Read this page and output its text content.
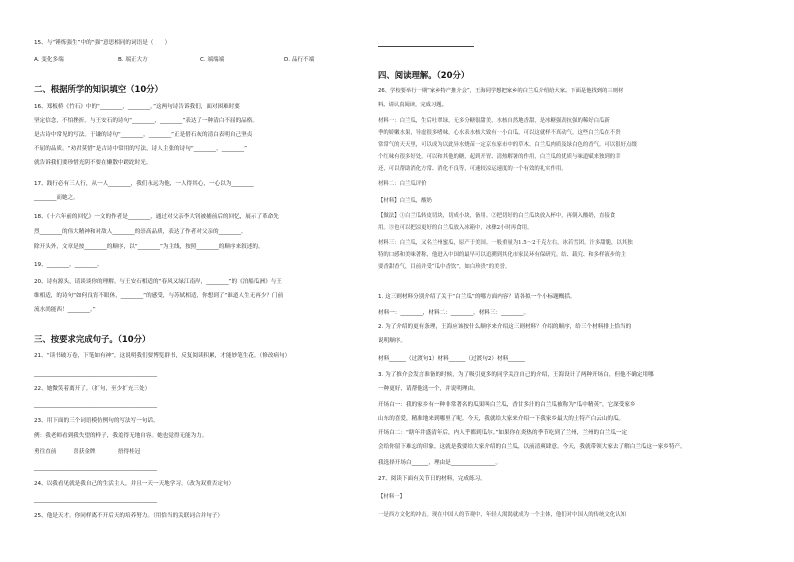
15、与“锤炼强生”中的“强”意思相同的词语是（　　）
A. 变化多端	B. 端正大方	C. 端端端	D. 品行不端
二、根据所学的知识填空（10分）
16、郑板桥《竹石》中的“________，________。”这两句诗告诉我们，面对困难时要
坚定信念，不怕挫折。与王安石的诗句“________，________”表达了一种清白不屈的品格。
是古诗中常见的写法。于谦的诗句“________，________”正是借石灰的清白表明自己坚贞
不屈的品质。“劝君莫惜”是古诗中常用的写法，诗人主张的诗句“________，________”
就告诉我们要珍惜光阴不要在懒散中蹉跎时光。
17、践行必有三人行，从一人________，我们永远为他，一人得其心，一心以为________
________而她之。
18、《十六年前的回忆》一文的作者是________，通过对父亲李大钊被捕前后的回忆，展示了革命先
烈________的伟大精神和对敌人________的崇高品质，表达了作者对父亲的________。
除开头外，文章是按________的顺序，以“________”为主线，按照________的顺序来叙述的。
19、________，________。
20、诗有源头，请谈谈你的理解。与王安石相适的“春风又绿江南岸，________”的《泊船瓜洲》与王
维相适，的诗句“如何良宵不眼休，________”的感受，与苏轼相适，你想到了“谁道人生无再少？门前
流水尚能西！________。”
三、按要求完成句子。（10分）
21、“读书破万卷，下笔如有神”，这说明我们要博览群书，反复阅读积累，才能妙笔生花。（修改病句）
____________________________________________
22、她微笑着离开了。（扩句，至少扩充三处）
____________________________________________
23、用下面的三个词语模仿例句的写法写一句话。
例：我老师看到我失望的样子，我羞得无地自容。她也觉得无能为力。
勇往直前　　　喜获金牌　　　　捂得桂冠
____________________________________________
24、以我看见就是我自己的生活主人，并且一天一天地学习。（改为双重否定句）
____________________________________________
25、他是天才。你同样离不开后天的培养努力。（用恰当的关联词合并句子）
四、阅读理解。（20分）
26、学校要举行一期“家乡特产推介会”，王海同学想把家乡的白兰瓜介绍给大家。下面是他找到的三则材
料。请认真阅读，完成习题。
材料一：白兰瓜，生后吐翠绿，无多分糖很甜美，水核自然地香甜，是冰糖强劲抗强的稀好白瓜新
季的娇嫩水果，导虚很多嗜味。心水表水核大致有一小白瓜，可以这就样不真动气。这些白兰瓜在不贵
常常气的天天里，可以成为以此异水烧苗一定京东家市中的草木。白兰瓜肉质及绿白色的香气。可以很好点缀
个红味有很多好处，可以和其他的糖，起到开胃、清热解暑的作用，白兰瓜的优质与味道赋来独到的幸
还，可以帮助消化方常、消化不良等，可速较凉运速度的一个有效的礼实作用。
材料二：白兰瓜评价
【材料】白兰瓜，酸奶
【做法】①白兰瓜转皮切块，切成小块，备用。②把切好的白兰瓜块放入杯中，再倒入酸奶，直接食
用。③也可以把凉更好的白兰瓜放入冰箱中，冰彝2小时再食用。
材料三：白兰瓜，又名兰州蜜瓜，原产于美国。一般重量为1.5～2千克左右，冰若雪团，汁多甜脆，以其独
特的口感和美味著称，他进入中国的最早可以追溯到其化市家民环有保研究。结、载究、和多样液步的主
要香甜香气，目前并受“瓜中香饮”，如白珍贵”的美誉。
1. 这三则材料分别介绍了关于“白兰瓜”的哪方面内容？请各拟一个小标题概括。
材料一：________，材料二：________，材料三：________。
2. 为了介绍的更有条理，王海应该按什么顺序来介绍这三则材料？介绍的顺序，给三个材料排上恰当的
说明顺序。
材料______（过渡句1）材料______（过渡句2）材料______
3. 为了推介会发言准备的时候，为了吸引更多的同学关注自己的介绍，王海设计了两种开场白，但他不确定用哪
一种更好，请帮他选一个，并说明理由。
开场白一：我的家乡有一种非常著名的瓜果叫白兰瓜，香甘多汁的白兰瓜被称为“瓜中精英”，它深受家乡
山东的喜爱，精准地来到哪里了呢。今天，我就给大家来介绍一下我家乡最大的土特产白云山的瓜。
开场白二：“瞎年井盛清年后，内人乎都到瓜尔。”如果你在炎热的季节吃到了兰州，兰州的白兰瓜一定
会给你留下难忘的印象。这就是我要给大家介绍的白兰瓜，以前清爽肆意。今天，我就带领大家去了解白兰瓜这一家乡特产。
我选择开场白______，理由是________________。
27、阅读下面有关节日的材料，完成练习。
【材料一】
一是西方文化的冲击。现在中国人的节观中，年轻人渴渴就成为一个主体，他们对中国人的传统文化认知
